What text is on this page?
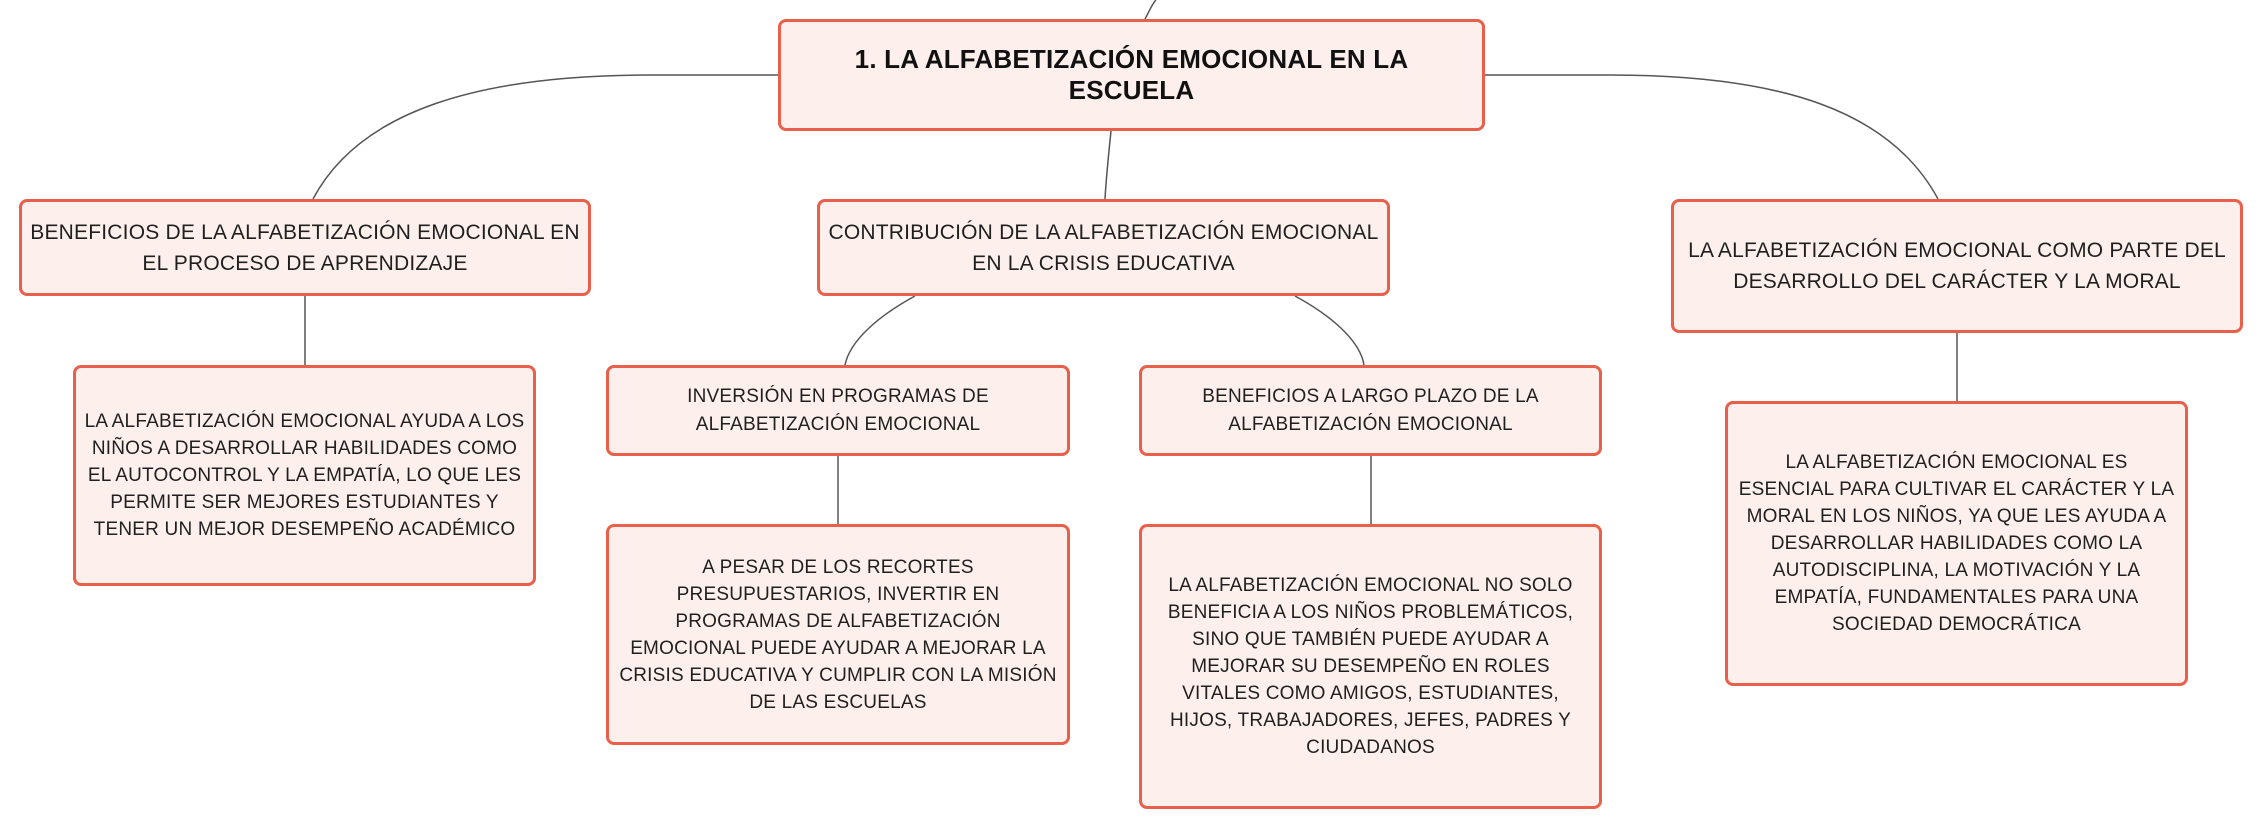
1. LA ALFABETIZACIÓN EMOCIONAL EN LA ESCUELA
BENEFICIOS DE LA ALFABETIZACIÓN EMOCIONAL EN EL PROCESO DE APRENDIZAJE
CONTRIBUCIÓN DE LA ALFABETIZACIÓN EMOCIONAL EN LA CRISIS EDUCATIVA
LA ALFABETIZACIÓN EMOCIONAL COMO PARTE DEL DESARROLLO DEL CARÁCTER Y LA MORAL
INVERSIÓN EN PROGRAMAS DE ALFABETIZACIÓN EMOCIONAL
BENEFICIOS A LARGO PLAZO DE LA ALFABETIZACIÓN EMOCIONAL
LA ALFABETIZACIÓN EMOCIONAL AYUDA A LOS NIÑOS A DESARROLLAR HABILIDADES COMO EL AUTOCONTROL Y LA EMPATÍA, LO QUE LES PERMITE SER MEJORES ESTUDIANTES Y TENER UN MEJOR DESEMPEÑO ACADÉMICO
A PESAR DE LOS RECORTES PRESUPUESTARIOS, INVERTIR EN PROGRAMAS DE ALFABETIZACIÓN EMOCIONAL PUEDE AYUDAR A MEJORAR LA CRISIS EDUCATIVA Y CUMPLIR CON LA MISIÓN DE LAS ESCUELAS
LA ALFABETIZACIÓN EMOCIONAL NO SOLO BENEFICIA A LOS NIÑOS PROBLEMÁTICOS, SINO QUE TAMBIÉN PUEDE AYUDAR A MEJORAR SU DESEMPEÑO EN ROLES VITALES COMO AMIGOS, ESTUDIANTES, HIJOS, TRABAJADORES, JEFES, PADRES Y CIUDADANOS
LA ALFABETIZACIÓN EMOCIONAL ES ESENCIAL PARA CULTIVAR EL CARÁCTER Y LA MORAL EN LOS NIÑOS, YA QUE LES AYUDA A DESARROLLAR HABILIDADES COMO LA AUTODISCIPLINA, LA MOTIVACIÓN Y LA EMPATÍA, FUNDAMENTALES PARA UNA SOCIEDAD DEMOCRÁTICA
